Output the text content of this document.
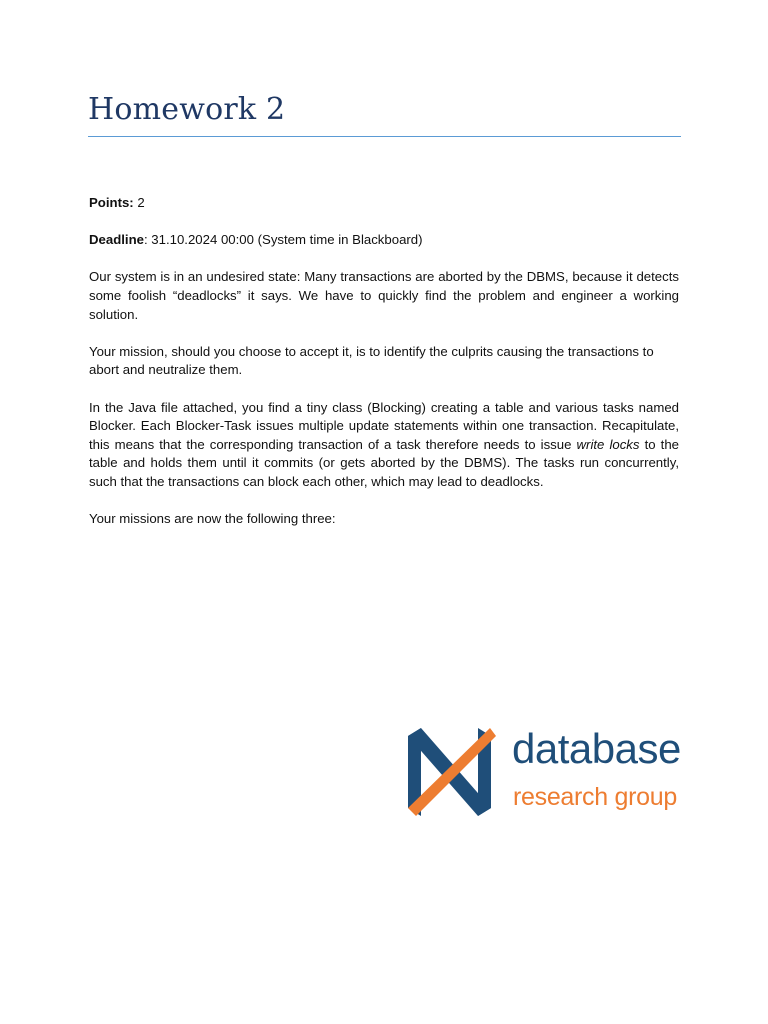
Homework 2

Points: 2

Deadline: 31.10.2024 00:00 (System time in Blackboard)

Our system is in an undesired state: Many transactions are aborted by the DBMS, because it detects some foolish “deadlocks” it says. We have to quickly find the problem and engineer a working solution.

Your mission, should you choose to accept it, is to identify the culprits causing the transactions to abort and neutralize them.

In the Java file attached, you find a tiny class (Blocking) creating a table and various tasks named Blocker. Each Blocker-Task issues multiple update statements within one transaction. Recapitulate, this means that the corresponding transaction of a task therefore needs to issue write locks to the table and holds them until it commits (or gets aborted by the DBMS). The tasks run concurrently, such that the transactions can block each other, which may lead to deadlocks.

Your missions are now the following three:

database
research group
